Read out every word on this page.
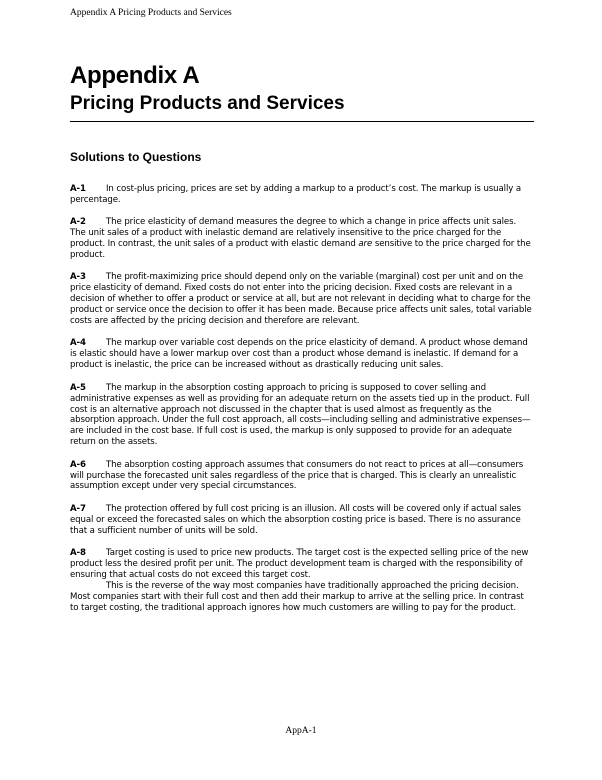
Appendix A Pricing Products and Services
Appendix A
Pricing Products and Services
Solutions to Questions

A-1 In cost-plus pricing, prices are set by adding a markup to a product’s cost. The markup is usually a percentage.

A-2 The price elasticity of demand measures the degree to which a change in price affects unit sales. The unit sales of a product with inelastic demand are relatively insensitive to the price charged for the product. In contrast, the unit sales of a product with elastic demand are sensitive to the price charged for the product.

A-3 The profit-maximizing price should depend only on the variable (marginal) cost per unit and on the price elasticity of demand. Fixed costs do not enter into the pricing decision. Fixed costs are relevant in a decision of whether to offer a product or service at all, but are not relevant in deciding what to charge for the product or service once the decision to offer it has been made. Because price affects unit sales, total variable costs are affected by the pricing decision and therefore are relevant.

A-4 The markup over variable cost depends on the price elasticity of demand. A product whose demand is elastic should have a lower markup over cost than a product whose demand is inelastic. If demand for a product is inelastic, the price can be increased without as drastically reducing unit sales.

A-5 The markup in the absorption costing approach to pricing is supposed to cover selling and administrative expenses as well as providing for an adequate return on the assets tied up in the product. Full cost is an alternative approach not discussed in the chapter that is used almost as frequently as the absorption approach. Under the full cost approach, all costs—including selling and administrative expenses—are included in the cost base. If full cost is used, the markup is only supposed to provide for an adequate return on the assets.

A-6 The absorption costing approach assumes that consumers do not react to prices at all—consumers will purchase the forecasted unit sales regardless of the price that is charged. This is clearly an unrealistic assumption except under very special circumstances.

A-7 The protection offered by full cost pricing is an illusion. All costs will be covered only if actual sales equal or exceed the forecasted sales on which the absorption costing price is based. There is no assurance that a sufficient number of units will be sold.

A-8 Target costing is used to price new products. The target cost is the expected selling price of the new product less the desired profit per unit. The product development team is charged with the responsibility of ensuring that actual costs do not exceed this target cost.

This is the reverse of the way most companies have traditionally approached the pricing decision. Most companies start with their full cost and then add their markup to arrive at the selling price. In contrast to target costing, the traditional approach ignores how much customers are willing to pay for the product.

AppA-1
